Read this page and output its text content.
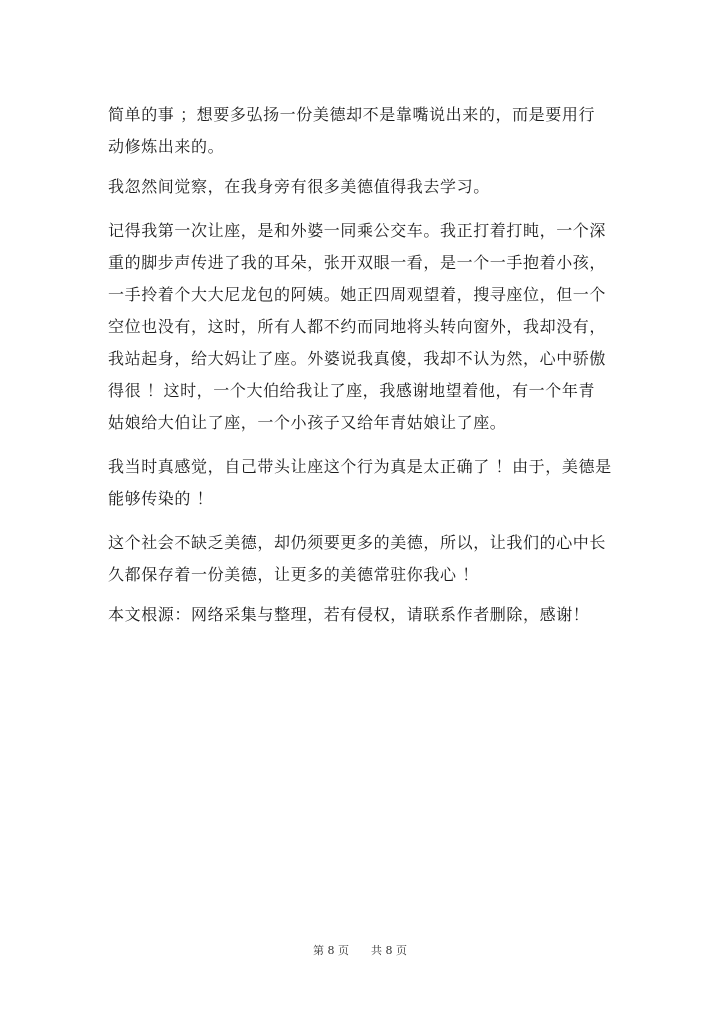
简单的事 ；想要多弘扬一份美德却不是靠嘴说出来的，而是要用行
动修炼出来的。
我忽然间觉察，在我身旁有很多美德值得我去学习。
记得我第一次让座，是和外婆一同乘公交车。我正打着打盹，一个深
重的脚步声传进了我的耳朵，张开双眼一看，是一个一手抱着小孩，
一手拎着个大大尼龙包的阿姨。她正四周观望着，搜寻座位，但一个
空位也没有，这时，所有人都不约而同地将头转向窗外，我却没有，
我站起身，给大妈让了座。外婆说我真傻，我却不认为然，心中骄傲
得很 ！这时，一个大伯给我让了座，我感谢地望着他，有一个年青
姑娘给大伯让了座，一个小孩子又给年青姑娘让了座。
我当时真感觉，自己带头让座这个行为真是太正确了 ！由于，美德是
能够传染的 ！
这个社会不缺乏美德，却仍须要更多的美德，所以，让我们的心中长
久都保存着一份美德，让更多的美德常驻你我心 ！
本文根源：网络采集与整理，若有侵权，请联系作者删除，感谢！
第 8 页 共 8 页
